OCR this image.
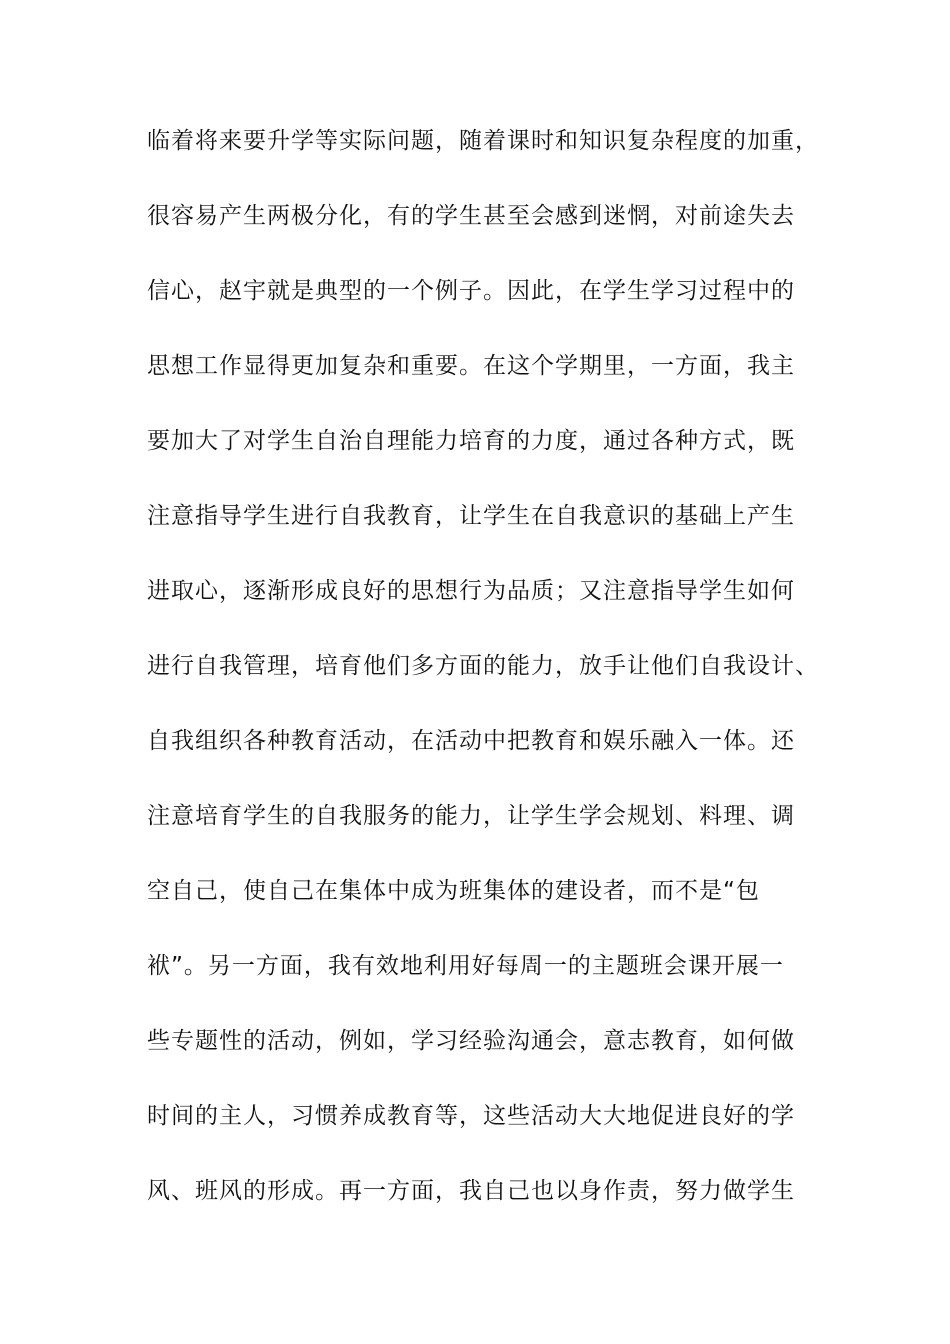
临着将来要升学等实际问题，随着课时和知识复杂程度的加重，
很容易产生两极分化，有的学生甚至会感到迷惘，对前途失去
信心，赵宇就是典型的一个例子。因此，在学生学习过程中的
思想工作显得更加复杂和重要。在这个学期里，一方面，我主
要加大了对学生自治自理能力培育的力度，通过各种方式，既
注意指导学生进行自我教育，让学生在自我意识的基础上产生
进取心，逐渐形成良好的思想行为品质；又注意指导学生如何
进行自我管理，培育他们多方面的能力，放手让他们自我设计、
自我组织各种教育活动，在活动中把教育和娱乐融入一体。还
注意培育学生的自我服务的能力，让学生学会规划、料理、调
空自己，使自己在集体中成为班集体的建设者，而不是“包
袱”。另一方面，我有效地利用好每周一的主题班会课开展一
些专题性的活动，例如，学习经验沟通会，意志教育，如何做
时间的主人，习惯养成教育等，这些活动大大地促进良好的学
风、班风的形成。再一方面，我自己也以身作责，努力做学生
